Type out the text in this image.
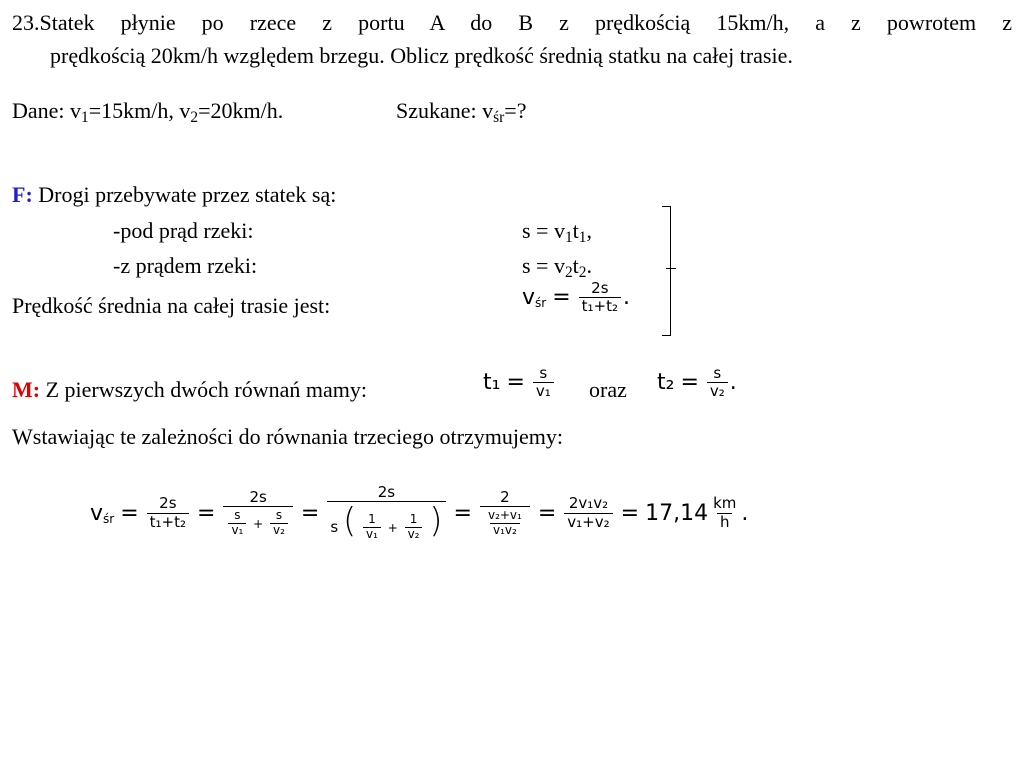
23.Statek płynie po rzece z portu A do B z prędkością 15km/h, a z powrotem z
prędkością 20km/h względem brzegu. Oblicz prędkość średnią statku na całej trasie.
Dane: $v_1=15km/h$, $v_2=20km/h$.	Szukane: $v_{śr}=$?
F: Drogi przebywate przez statek są:
-pod prąd rzeki:	$s = v_1t_1$,
-z prądem rzeki:	$s = v_2t_2$.
Prędkość średnia na całej trasie jest:	$v_{śr} = \frac{2s}{\text{t₁+t₂}}$ .
M: Z pierwszych dwóch równań mamy:	$t_1 = \frac{s}{\text{v₁}}$ oraz $t_2 = \frac{s}{\text{v₂}}$ .
Wstawiając te zależności do równania trzeciego otrzymujemy:
$v_{śr} = \frac{2s}{\text{t₁+t₂}} = \frac{2s}{\frac{s}{\text{v₁}} + \frac{s}{\text{v₂}}} = \frac{2s}{s ( \frac{1}{\text{v₁}} + \frac{1}{\text{v₂}} )} = \frac{2}{\frac{\text{v₂+v₁}}{\text{v₁v₂}}} = \frac{\text{2v₁v₂}}{\text{v₁+v₂}} = 17,14 \frac{km}{h}$ .
